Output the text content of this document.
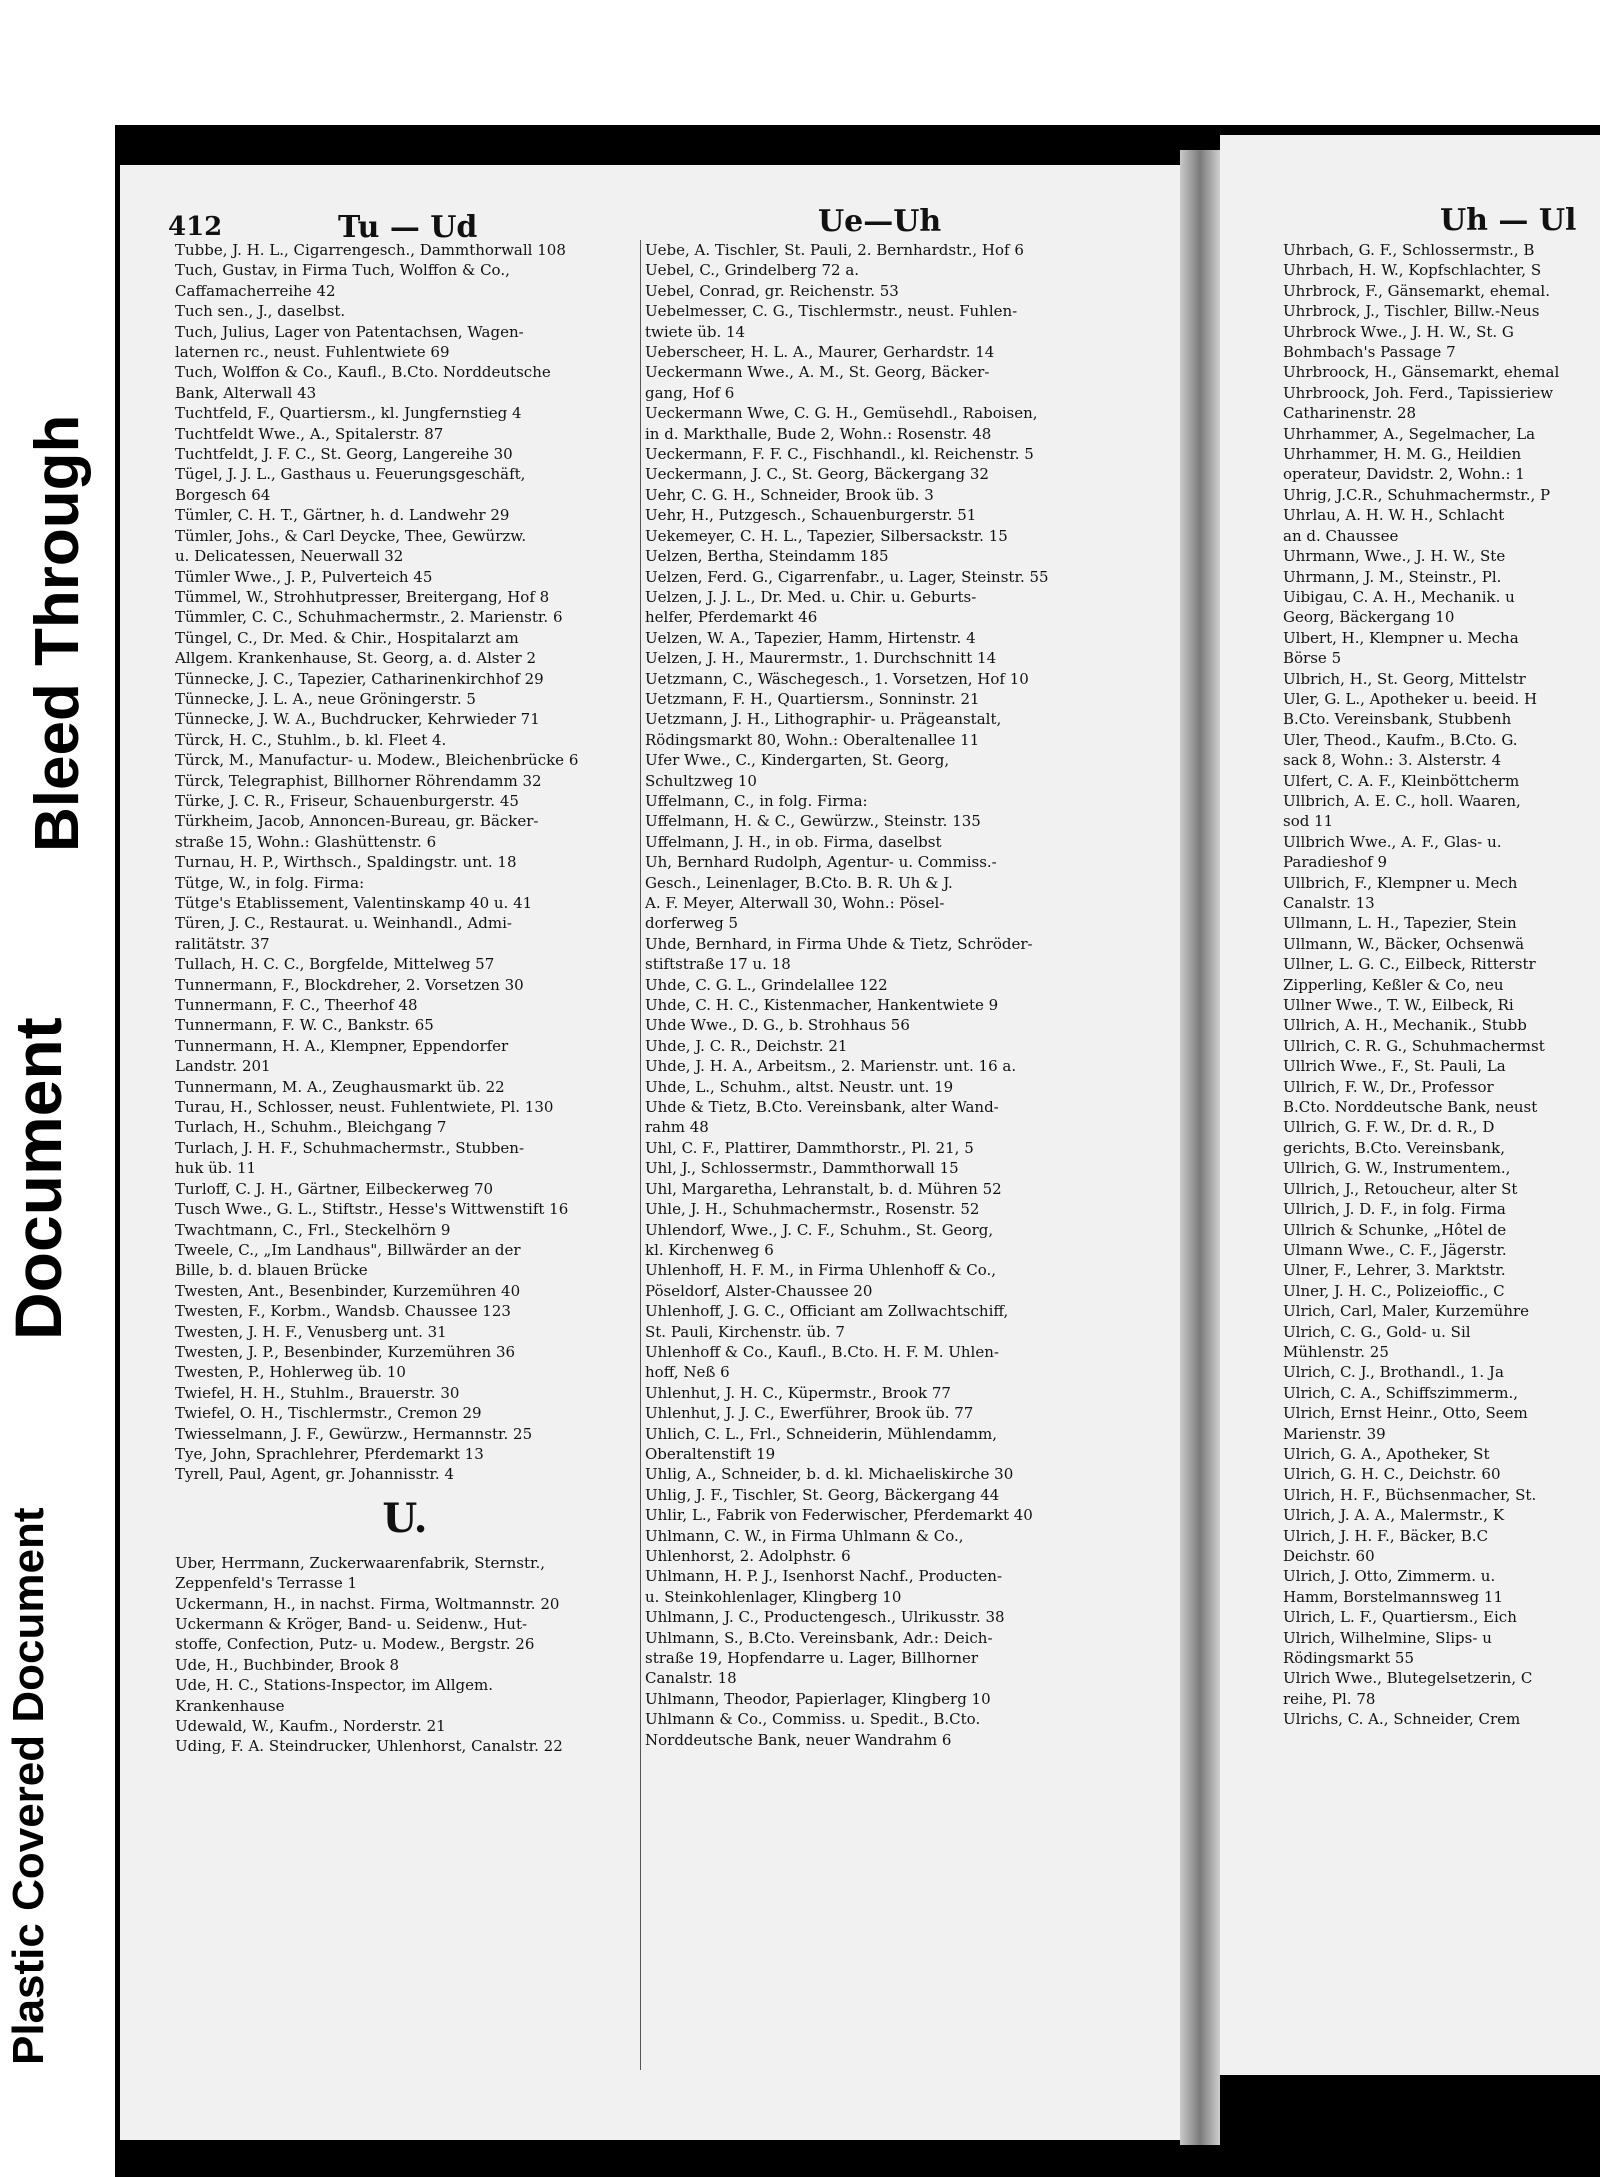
Bleed Through
Document
Plastic Covered Document
412	Tu — Ud	Ue—Uh	Uh — Ul
Tubbe, J. H. L., Cigarrengesch., Dammthorwall 108
Tuch, Gustav, in Firma Tuch, Wolffon & Co.,
Caffamacherreihe 42
Tuch sen., J., daselbst.
Tuch, Julius, Lager von Patentachsen, Wagen-
laternen rc., neust. Fuhlentwiete 69
Tuch, Wolffon & Co., Kaufl., B.Cto. Norddeutsche
Bank, Alterwall 43
Tuchtfeld, F., Quartiersm., kl. Jungfernstieg 4
Tuchtfeldt Wwe., A., Spitalerstr. 87
Tuchtfeldt, J. F. C., St. Georg, Langereihe 30
Tügel, J. J. L., Gasthaus u. Feuerungsgeschäft,
Borgesch 64
Tümler, C. H. T., Gärtner, h. d. Landwehr 29
Tümler, Johs., & Carl Deycke, Thee, Gewürzw.
u. Delicatessen, Neuerwall 32
Tümler Wwe., J. P., Pulverteich 45
Tümmel, W., Strohhutpresser, Breitergang, Hof 8
Tümmler, C. C., Schuhmachermstr., 2. Marienstr. 6
Tüngel, C., Dr. Med. & Chir., Hospitalarzt am
Allgem. Krankenhause, St. Georg, a. d. Alster 2
Tünnecke, J. C., Tapezier, Catharinenkirchhof 29
Tünnecke, J. L. A., neue Gröningerstr. 5
Tünnecke, J. W. A., Buchdrucker, Kehrwieder 71
Türck, H. C., Stuhlm., b. kl. Fleet 4.
Türck, M., Manufactur- u. Modew., Bleichenbrücke 6
Türck, Telegraphist, Billhorner Röhrendamm 32
Türke, J. C. R., Friseur, Schauenburgerstr. 45
Türkheim, Jacob, Annoncen-Bureau, gr. Bäcker-
straße 15, Wohn.: Glashüttenstr. 6
Turnau, H. P., Wirthsch., Spaldingstr. unt. 18
Tütge, W., in folg. Firma:
Tütge's Etablissement, Valentinskamp 40 u. 41
Türen, J. C., Restaurat. u. Weinhandl., Admi-
ralitätstr. 37
Tullach, H. C. C., Borgfelde, Mittelweg 57
Tunnermann, F., Blockdreher, 2. Vorsetzen 30
Tunnermann, F. C., Theerhof 48
Tunnermann, F. W. C., Bankstr. 65
Tunnermann, H. A., Klempner, Eppendorfer
Landstr. 201
Tunnermann, M. A., Zeughausmarkt üb. 22
Turau, H., Schlosser, neust. Fuhlentwiete, Pl. 130
Turlach, H., Schuhm., Bleichgang 7
Turlach, J. H. F., Schuhmachermstr., Stubben-
huk üb. 11
Turloff, C. J. H., Gärtner, Eilbeckerweg 70
Tusch Wwe., G. L., Stiftstr., Hesse's Wittwenstift 16
Twachtmann, C., Frl., Steckelhörn 9
Tweele, C., „Im Landhaus", Billwärder an der
Bille, b. d. blauen Brücke
Twesten, Ant., Besenbinder, Kurzemühren 40
Twesten, F., Korbm., Wandsb. Chaussee 123
Twesten, J. H. F., Venusberg unt. 31
Twesten, J. P., Besenbinder, Kurzemühren 36
Twesten, P., Hohlerweg üb. 10
Twiefel, H. H., Stuhlm., Brauerstr. 30
Twiefel, O. H., Tischlermstr., Cremon 29
Twiesselmann, J. F., Gewürzw., Hermannstr. 25
Tye, John, Sprachlehrer, Pferdemarkt 13
Tyrell, Paul, Agent, gr. Johannisstr. 4
U.
Uber, Herrmann, Zuckerwaarenfabrik, Sternstr.,
Zeppenfeld's Terrasse 1
Uckermann, H., in nachst. Firma, Woltmannstr. 20
Uckermann & Kröger, Band- u. Seidenw., Hut-
stoffe, Confection, Putz- u. Modew., Bergstr. 26
Ude, H., Buchbinder, Brook 8
Ude, H. C., Stations-Inspector, im Allgem.
Krankenhause
Udewald, W., Kaufm., Norderstr. 21
Uding, F. A. Steindrucker, Uhlenhorst, Canalstr. 22
Uebe, A. Tischler, St. Pauli, 2. Bernhardstr., Hof 6
Uebel, C., Grindelberg 72 a.
Uebel, Conrad, gr. Reichenstr. 53
Uebelmesser, C. G., Tischlermstr., neust. Fuhlen-
twiete üb. 14
Ueberscheer, H. L. A., Maurer, Gerhardstr. 14
Ueckermann Wwe., A. M., St. Georg, Bäcker-
gang, Hof 6
Ueckermann Wwe, C. G. H., Gemüsehdl., Raboisen,
in d. Markthalle, Bude 2, Wohn.: Rosenstr. 48
Ueckermann, F. F. C., Fischhandl., kl. Reichenstr. 5
Ueckermann, J. C., St. Georg, Bäckergang 32
Uehr, C. G. H., Schneider, Brook üb. 3
Uehr, H., Putzgesch., Schauenburgerstr. 51
Uekemeyer, C. H. L., Tapezier, Silbersackstr. 15
Uelzen, Bertha, Steindamm 185
Uelzen, Ferd. G., Cigarrenfabr., u. Lager, Steinstr. 55
Uelzen, J. J. L., Dr. Med. u. Chir. u. Geburts-
helfer, Pferdemarkt 46
Uelzen, W. A., Tapezier, Hamm, Hirtenstr. 4
Uelzen, J. H., Maurermstr., 1. Durchschnitt 14
Uetzmann, C., Wäschegesch., 1. Vorsetzen, Hof 10
Uetzmann, F. H., Quartiersm., Sonninstr. 21
Uetzmann, J. H., Lithographir- u. Prägeanstalt,
Rödingsmarkt 80, Wohn.: Oberaltenallee 11
Ufer Wwe., C., Kindergarten, St. Georg,
Schultzweg 10
Uffelmann, C., in folg. Firma:
Uffelmann, H. & C., Gewürzw., Steinstr. 135
Uffelmann, J. H., in ob. Firma, daselbst
Uh, Bernhard Rudolph, Agentur- u. Commiss.-
Gesch., Leinenlager, B.Cto. B. R. Uh & J.
A. F. Meyer, Alterwall 30, Wohn.: Pösel-
dorferweg 5
Uhde, Bernhard, in Firma Uhde & Tietz, Schröder-
stiftstraße 17 u. 18
Uhde, C. G. L., Grindelallee 122
Uhde, C. H. C., Kistenmacher, Hankentwiete 9
Uhde Wwe., D. G., b. Strohhaus 56
Uhde, J. C. R., Deichstr. 21
Uhde, J. H. A., Arbeitsm., 2. Marienstr. unt. 16 a.
Uhde, L., Schuhm., altst. Neustr. unt. 19
Uhde & Tietz, B.Cto. Vereinsbank, alter Wand-
rahm 48
Uhl, C. F., Plattirer, Dammthorstr., Pl. 21, 5
Uhl, J., Schlossermstr., Dammthorwall 15
Uhl, Margaretha, Lehranstalt, b. d. Mühren 52
Uhle, J. H., Schuhmachermstr., Rosenstr. 52
Uhlendorf, Wwe., J. C. F., Schuhm., St. Georg,
kl. Kirchenweg 6
Uhlenhoff, H. F. M., in Firma Uhlenhoff & Co.,
Pöseldorf, Alster-Chaussee 20
Uhlenhoff, J. G. C., Officiant am Zollwachtschiff,
St. Pauli, Kirchenstr. üb. 7
Uhlenhoff & Co., Kaufl., B.Cto. H. F. M. Uhlen-
hoff, Neß 6
Uhlenhut, J. H. C., Küpermstr., Brook 77
Uhlenhut, J. J. C., Ewerführer, Brook üb. 77
Uhlich, C. L., Frl., Schneiderin, Mühlendamm,
Oberaltenstift 19
Uhlig, A., Schneider, b. d. kl. Michaeliskirche 30
Uhlig, J. F., Tischler, St. Georg, Bäckergang 44
Uhlir, L., Fabrik von Federwischer, Pferdemarkt 40
Uhlmann, C. W., in Firma Uhlmann & Co.,
Uhlenhorst, 2. Adolphstr. 6
Uhlmann, H. P. J., Isenhorst Nachf., Producten-
u. Steinkohlenlager, Klingberg 10
Uhlmann, J. C., Productengesch., Ulrikusstr. 38
Uhlmann, S., B.Cto. Vereinsbank, Adr.: Deich-
straße 19, Hopfendarre u. Lager, Billhorner
Canalstr. 18
Uhlmann, Theodor, Papierlager, Klingberg 10
Uhlmann & Co., Commiss. u. Spedit., B.Cto.
Norddeutsche Bank, neuer Wandrahm 6
Uhrbach, G. F., Schlossermstr., B
Uhrbach, H. W., Kopfschlachter, S
Uhrbrock, F., Gänsemarkt, ehemal.
Uhrbrock, J., Tischler, Billw.-Neus
Uhrbrock Wwe., J. H. W., St. G
Bohmbach's Passage 7
Uhrbroock, H., Gänsemarkt, ehemal
Uhrbroock, Joh. Ferd., Tapissieriew
Catharinenstr. 28
Uhrhammer, A., Segelmacher, La
Uhrhammer, H. M. G., Heildien
operateur, Davidstr. 2, Wohn.: 1
Uhrig, J.C.R., Schuhmachermstr., P
Uhrlau, A. H. W. H., Schlacht
an d. Chaussee
Uhrmann, Wwe., J. H. W., Ste
Uhrmann, J. M., Steinstr., Pl.
Uibigau, C. A. H., Mechanik. u
Georg, Bäckergang 10
Ulbert, H., Klempner u. Mecha
Börse 5
Ulbrich, H., St. Georg, Mittelstr
Uler, G. L., Apotheker u. beeid. H
B.Cto. Vereinsbank, Stubbenh
Uler, Theod., Kaufm., B.Cto. G.
sack 8, Wohn.: 3. Alsterstr. 4
Ulfert, C. A. F., Kleinböttcherm
Ullbrich, A. E. C., holl. Waaren,
sod 11
Ullbrich Wwe., A. F., Glas- u.
Paradieshof 9
Ullbrich, F., Klempner u. Mech
Canalstr. 13
Ullmann, L. H., Tapezier, Stein
Ullmann, W., Bäcker, Ochsenwä
Ullner, L. G. C., Eilbeck, Ritterstr
Zipperling, Keßler & Co, neu
Ullner Wwe., T. W., Eilbeck, Ri
Ullrich, A. H., Mechanik., Stubb
Ullrich, C. R. G., Schuhmachermst
Ullrich Wwe., F., St. Pauli, La
Ullrich, F. W., Dr., Professor
B.Cto. Norddeutsche Bank, neust
Ullrich, G. F. W., Dr. d. R., D
gerichts, B.Cto. Vereinsbank,
Ullrich, G. W., Instrumentem.,
Ullrich, J., Retoucheur, alter St
Ullrich, J. D. F., in folg. Firma
Ullrich & Schunke, „Hôtel de
Ulmann Wwe., C. F., Jägerstr.
Ulner, F., Lehrer, 3. Marktstr.
Ulner, J. H. C., Polizeioffic., C
Ulrich, Carl, Maler, Kurzemühre
Ulrich, C. G., Gold- u. Sil
Mühlenstr. 25
Ulrich, C. J., Brothandl., 1. Ja
Ulrich, C. A., Schiffszimmerm.,
Ulrich, Ernst Heinr., Otto, Seem
Marienstr. 39
Ulrich, G. A., Apotheker, St
Ulrich, G. H. C., Deichstr. 60
Ulrich, H. F., Büchsenmacher, St.
Ulrich, J. A. A., Malermstr., K
Ulrich, J. H. F., Bäcker, B.C
Deichstr. 60
Ulrich, J. Otto, Zimmerm. u.
Hamm, Borstelmannsweg 11
Ulrich, L. F., Quartiersm., Eich
Ulrich, Wilhelmine, Slips- u
Rödingsmarkt 55
Ulrich Wwe., Blutegelsetzerin, C
reihe, Pl. 78
Ulrichs, C. A., Schneider, Crem
